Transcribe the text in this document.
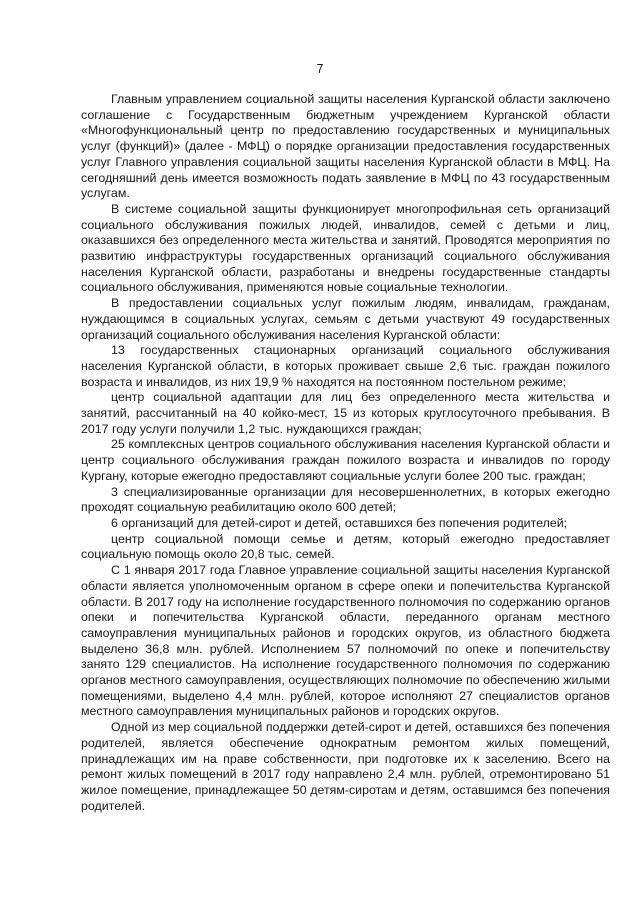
7

Главным управлением социальной защиты населения Курганской области заключено соглашение с Государственным бюджетным учреждением Курганской области «Многофункциональный центр по предоставлению государственных и муниципальных услуг (функций)» (далее - МФЦ) о порядке организации предоставления государственных услуг Главного управления социальной защиты населения Курганской области в МФЦ. На сегодняшний день имеется возможность подать заявление в МФЦ по 43 государственным услугам.

В системе социальной защиты функционирует многопрофильная сеть организаций социального обслуживания пожилых людей, инвалидов, семей с детьми и лиц, оказавшихся без определенного места жительства и занятий. Проводятся мероприятия по развитию инфраструктуры государственных организаций социального обслуживания населения Курганской области, разработаны и внедрены государственные стандарты социального обслуживания, применяются новые социальные технологии.

В предоставлении социальных услуг пожилым людям, инвалидам, гражданам, нуждающимся в социальных услугах, семьям с детьми участвуют 49 государственных организаций социального обслуживания населения Курганской области:

13 государственных стационарных организаций социального обслуживания населения Курганской области, в которых проживает свыше 2,6 тыс. граждан пожилого возраста и инвалидов, из них 19,9 % находятся на постоянном постельном режиме;

центр социальной адаптации для лиц без определенного места жительства и занятий, рассчитанный на 40 койко-мест, 15 из которых круглосуточного пребывания. В 2017 году услуги получили 1,2 тыс. нуждающихся граждан;

25 комплексных центров социального обслуживания населения Курганской области и центр социального обслуживания граждан пожилого возраста и инвалидов по городу Кургану, которые ежегодно предоставляют социальные услуги более 200 тыс. граждан;

3 специализированные организации для несовершеннолетних, в которых ежегодно проходят социальную реабилитацию около 600 детей;

6 организаций для детей-сирот и детей, оставшихся без попечения родителей;

центр социальной помощи семье и детям, который ежегодно предоставляет социальную помощь около 20,8 тыс. семей.

С 1 января 2017 года Главное управление социальной защиты населения Курганской области является уполномоченным органом в сфере опеки и попечительства Курганской области. В 2017 году на исполнение государственного полномочия по содержанию органов опеки и попечительства Курганской области, переданного органам местного самоуправления муниципальных районов и городских округов, из областного бюджета выделено 36,8 млн. рублей. Исполнением 57 полномочий по опеке и попечительству занято 129 специалистов. На исполнение государственного полномочия по содержанию органов местного самоуправления, осуществляющих полномочие по обеспечению жилыми помещениями, выделено 4,4 млн. рублей, которое исполняют 27 специалистов органов местного самоуправления муниципальных районов и городских округов.

Одной из мер социальной поддержки детей-сирот и детей, оставшихся без попечения родителей, является обеспечение однократным ремонтом жилых помещений, принадлежащих им на праве собственности, при подготовке их к заселению. Всего на ремонт жилых помещений в 2017 году направлено 2,4 млн. рублей, отремонтировано 51 жилое помещение, принадлежащее 50 детям-сиротам и детям, оставшимся без попечения родителей.
